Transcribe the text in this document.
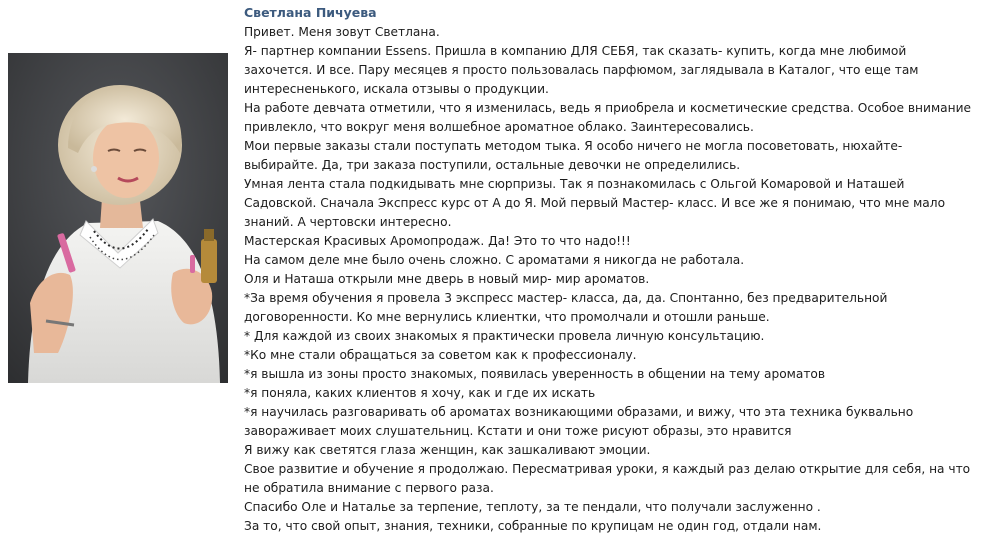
Светлана Пичуева
Привет. Меня зовут Светлана.
Я- партнер компании Essens. Пришла в компанию ДЛЯ СЕБЯ, так сказать- купить, когда мне любимой
захочется. И все. Пару месяцев я просто пользовалась парфюмом, заглядывала в Каталог, что еще там
интересненького, искала отзывы о продукции.
На работе девчата отметили, что я изменилась, ведь я приобрела и косметические средства. Особое внимание
привлекло, что вокруг меня волшебное ароматное облако. Заинтересовались.
Мои первые заказы стали поступать методом тыка. Я особо ничего не могла посоветовать, нюхайте-
выбирайте. Да, три заказа поступили, остальные девочки не определились.
Умная лента стала подкидывать мне сюрпризы. Так я познакомилась с Ольгой Комаровой и Наташей
Садовской. Сначала Экспресс курс от А до Я. Мой первый Мастер- класс. И все же я понимаю, что мне мало
знаний. А чертовски интересно.
Мастерская Красивых Аромопродаж. Да! Это то что надо!!!
На самом деле мне было очень сложно. С ароматами я никогда не работала.
Оля и Наташа открыли мне дверь в новый мир- мир ароматов.
*За время обучения я провела 3 экспресс мастер- класса, да, да. Спонтанно, без предварительной
договоренности. Ко мне вернулись клиентки, что промолчали и отошли раньше.
* Для каждой из своих знакомых я практически провела личную консультацию.
*Ко мне стали обращаться за советом как к профессионалу.
*я вышла из зоны просто знакомых, появилась уверенность в общении на тему ароматов
*я поняла, каких клиентов я хочу, как и где их искать
*я научилась разговаривать об ароматах возникающими образами, и вижу, что эта техника буквально
завораживает моих слушательниц. Кстати и они тоже рисуют образы, это нравится
Я вижу как светятся глаза женщин, как зашкаливают эмоции.
Свое развитие и обучение я продолжаю. Пересматривая уроки, я каждый раз делаю открытие для себя, на что
не обратила внимание с первого раза.
Спасибо Оле и Наталье за терпение, теплоту, за те пендали, что получали заслуженно .
За то, что свой опыт, знания, техники, собранные по крупицам не один год, отдали нам.
